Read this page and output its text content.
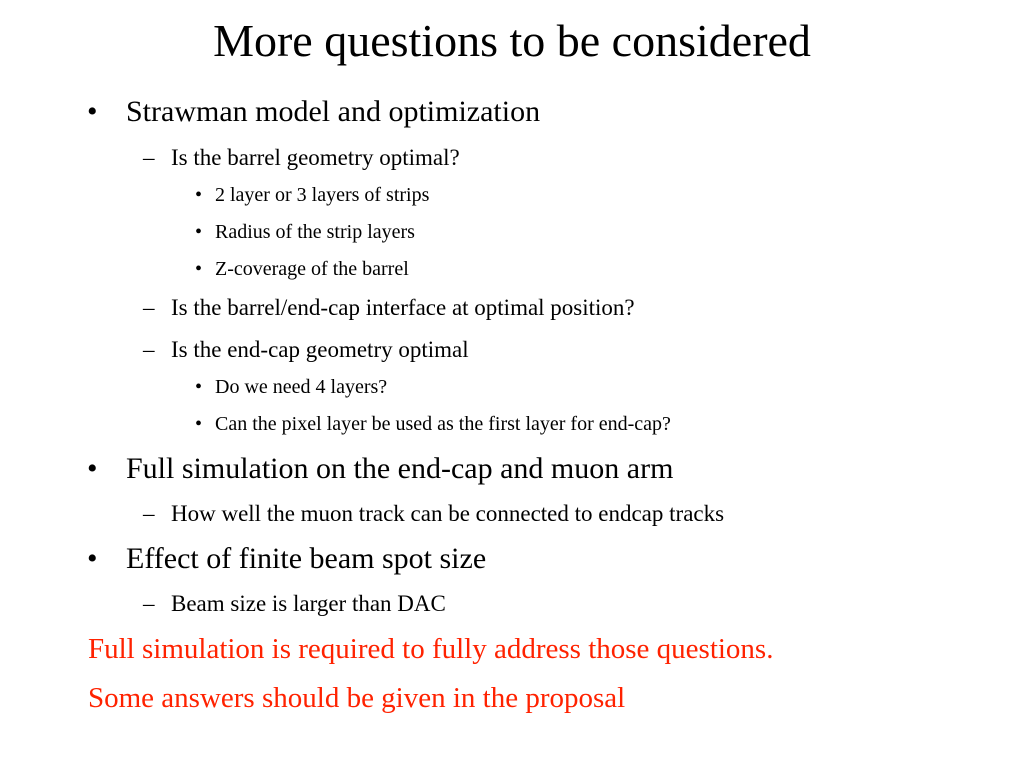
More questions to be considered
• Strawman model and optimization
– Is the barrel geometry optimal?
• 2 layer or 3 layers of strips
• Radius of the strip layers
• Z-coverage of the barrel
– Is the barrel/end-cap interface at optimal position?
– Is the end-cap geometry optimal
• Do we need 4 layers?
• Can the pixel layer be used as the first layer for end-cap?
• Full simulation on the end-cap and muon arm
– How well the muon track can be connected to endcap tracks
• Effect of finite beam spot size
– Beam size is larger than DAC
Full simulation is required to fully address those questions.
Some answers should be given in the proposal
